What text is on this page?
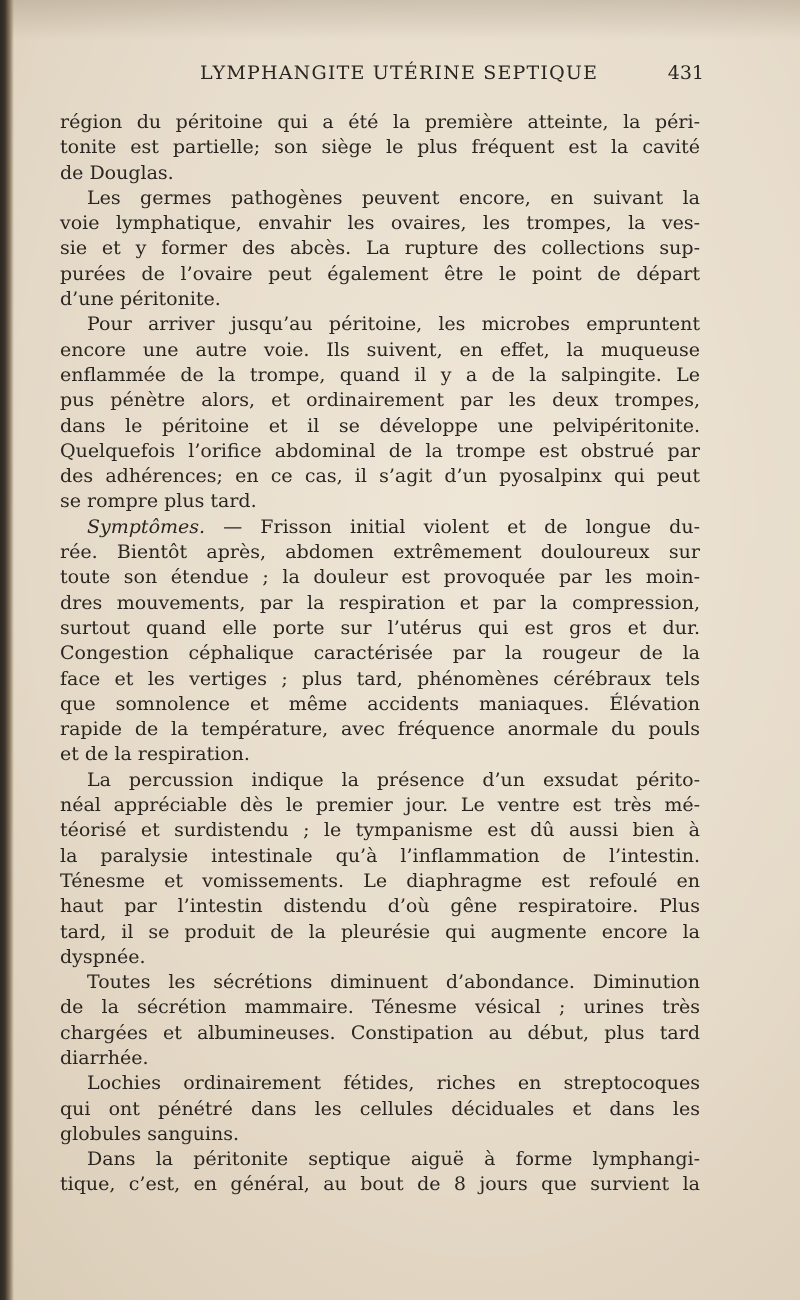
LYMPHANGITE UTÉRINE SEPTIQUE	431
région du péritoine qui a été la première atteinte, la péri-
tonite est partielle; son siège le plus fréquent est la cavité
de Douglas.
Les germes pathogènes peuvent encore, en suivant la
voie lymphatique, envahir les ovaires, les trompes, la ves-
sie et y former des abcès. La rupture des collections sup-
purées de l’ovaire peut également être le point de départ
d’une péritonite.
Pour arriver jusqu’au péritoine, les microbes empruntent
encore une autre voie. Ils suivent, en effet, la muqueuse
enflammée de la trompe, quand il y a de la salpingite. Le
pus pénètre alors, et ordinairement par les deux trompes,
dans le péritoine et il se développe une pelvipéritonite.
Quelquefois l’orifice abdominal de la trompe est obstrué par
des adhérences; en ce cas, il s’agit d’un pyosalpinx qui peut
se rompre plus tard.
Symptômes. — Frisson initial violent et de longue du-
rée. Bientôt après, abdomen extrêmement douloureux sur
toute son étendue ; la douleur est provoquée par les moin-
dres mouvements, par la respiration et par la compression,
surtout quand elle porte sur l’utérus qui est gros et dur.
Congestion céphalique caractérisée par la rougeur de la
face et les vertiges ; plus tard, phénomènes cérébraux tels
que somnolence et même accidents maniaques. Élévation
rapide de la température, avec fréquence anormale du pouls
et de la respiration.
La percussion indique la présence d’un exsudat périto-
néal appréciable dès le premier jour. Le ventre est très mé-
téorisé et surdistendu ; le tympanisme est dû aussi bien à
la paralysie intestinale qu’à l’inflammation de l’intestin.
Ténesme et vomissements. Le diaphragme est refoulé en
haut par l’intestin distendu d’où gêne respiratoire. Plus
tard, il se produit de la pleurésie qui augmente encore la
dyspnée.
Toutes les sécrétions diminuent d’abondance. Diminution
de la sécrétion mammaire. Ténesme vésical ; urines très
chargées et albumineuses. Constipation au début, plus tard
diarrhée.
Lochies ordinairement fétides, riches en streptocoques
qui ont pénétré dans les cellules déciduales et dans les
globules sanguins.
Dans la péritonite septique aiguë à forme lymphangi-
tique, c’est, en général, au bout de 8 jours que survient la
